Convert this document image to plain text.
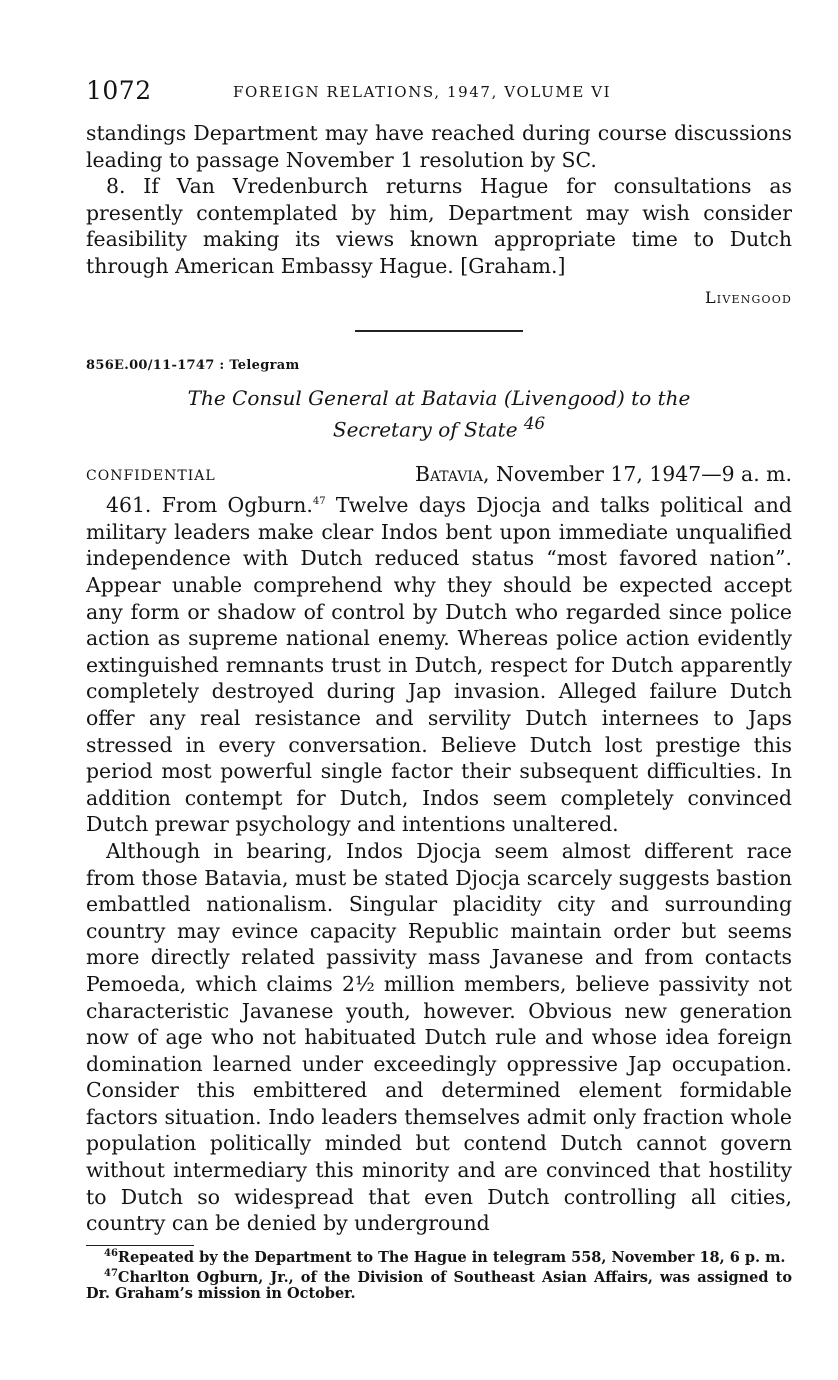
1072	FOREIGN RELATIONS, 1947, VOLUME VI

standings Department may have reached during course discussions leading to passage November 1 resolution by SC.

8. If Van Vredenburch returns Hague for consultations as presently contemplated by him, Department may wish consider feasibility making its views known appropriate time to Dutch through American Embassy Hague. [Graham.]

Livengood
856E.00/11-1747 : Telegram
The Consul General at Batavia (Livengood) to the
Secretary of State $^{46}$
CONFIDENTIAL	Batavia, November 17, 1947—9 a. m.

461. From Ogburn.$^{47}$ Twelve days Djocja and talks political and military leaders make clear Indos bent upon immediate unqualified independence with Dutch reduced status “most favored nation”. Appear unable comprehend why they should be expected accept any form or shadow of control by Dutch who regarded since police action as supreme national enemy. Whereas police action evidently extinguished remnants trust in Dutch, respect for Dutch apparently completely destroyed during Jap invasion. Alleged failure Dutch offer any real resistance and servility Dutch internees to Japs stressed in every conversation. Believe Dutch lost prestige this period most powerful single factor their subsequent difficulties. In addition contempt for Dutch, Indos seem completely convinced Dutch prewar psychology and intentions unaltered.

Although in bearing, Indos Djocja seem almost different race from those Batavia, must be stated Djocja scarcely suggests bastion embattled nationalism. Singular placidity city and surrounding country may evince capacity Republic maintain order but seems more directly related passivity mass Javanese and from contacts Pemoeda, which claims 2½ million members, believe passivity not characteristic Javanese youth, however. Obvious new generation now of age who not habituated Dutch rule and whose idea foreign domination learned under exceedingly oppressive Jap occupation. Consider this embittered and determined element formidable factors situation. Indo leaders themselves admit only fraction whole population politically minded but contend Dutch cannot govern without intermediary this minority and are convinced that hostility to Dutch so widespread that even Dutch controlling all cities, country can be denied by underground

$^{46}$Repeated by the Department to The Hague in telegram 558, November 18, 6 p. m.

$^{47}$Charlton Ogburn, Jr., of the Division of Southeast Asian Affairs, was assigned to Dr. Graham’s mission in October.
